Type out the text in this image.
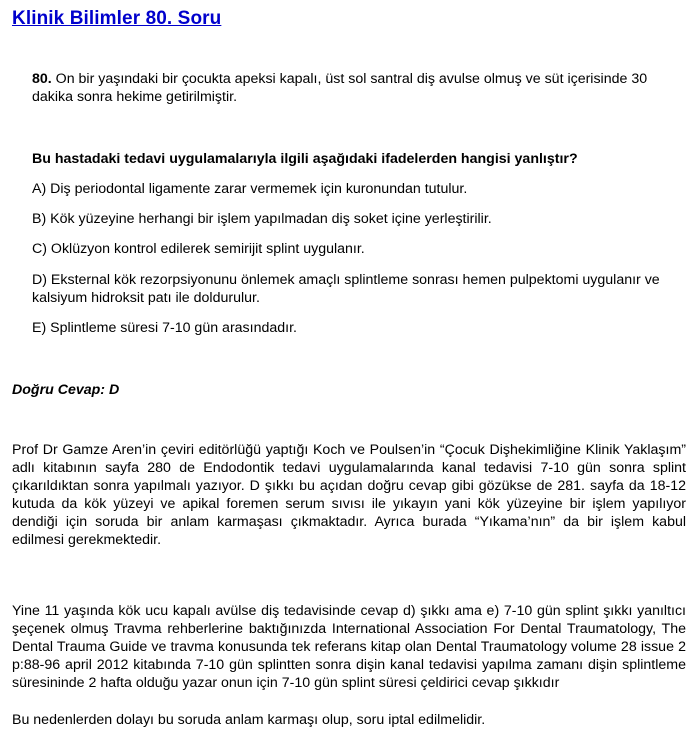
Klinik Bilimler 80. Soru
80. On bir yaşındaki bir çocukta apeksi kapalı, üst sol santral diş avulse olmuş ve süt içerisinde 30 dakika sonra hekime getirilmiştir.
Bu hastadaki tedavi uygulamalarıyla ilgili aşağıdaki ifadelerden hangisi yanlıştır?
A) Diş periodontal ligamente zarar vermemek için kuronundan tutulur.
B) Kök yüzeyine herhangi bir işlem yapılmadan diş soket içine yerleştirilir.
C) Oklüzyon kontrol edilerek semirijit splint uygulanır.
D) Eksternal kök rezorpsiyonunu önlemek amaçlı splintleme sonrası hemen pulpektomi uygulanır ve kalsiyum hidroksit patı ile doldurulur.
E) Splintleme süresi 7-10 gün arasındadır.
Doğru Cevap: D
Prof Dr Gamze Aren’in çeviri editörlüğü yaptığı Koch ve Poulsen’in “Çocuk Dişhekimliğine Klinik Yaklaşım” adlı kitabının sayfa 280 de Endodontik tedavi uygulamalarında kanal tedavisi 7-10 gün sonra splint çıkarıldıktan sonra yapılmalı yazıyor. D şıkkı bu açıdan doğru cevap gibi gözükse de 281. sayfa da 18-12 kutuda da kök yüzeyi ve apikal foremen serum sıvısı ile yıkayın yani kök yüzeyine bir işlem yapılıyor dendiği için soruda bir anlam karmaşası çıkmaktadır. Ayrıca burada “Yıkama’nın” da bir işlem kabul edilmesi gerekmektedir.
Yine 11 yaşında kök ucu kapalı avülse diş tedavisinde cevap d) şıkkı ama e) 7-10 gün splint şıkkı yanıltıcı şeçenek olmuş Travma rehberlerine baktığınızda International Association For Dental Traumatology, The Dental Trauma Guide ve travma konusunda tek referans kitap olan Dental Traumatology volume 28 issue 2 p:88-96 april 2012 kitabında 7-10 gün splintten sonra dişin kanal tedavisi yapılma zamanı dişin splintleme süresininde 2 hafta olduğu yazar onun için 7-10 gün splint süresi çeldirici cevap şıkkıdır
Bu nedenlerden dolayı bu soruda anlam karmaşı olup, soru iptal edilmelidir.
